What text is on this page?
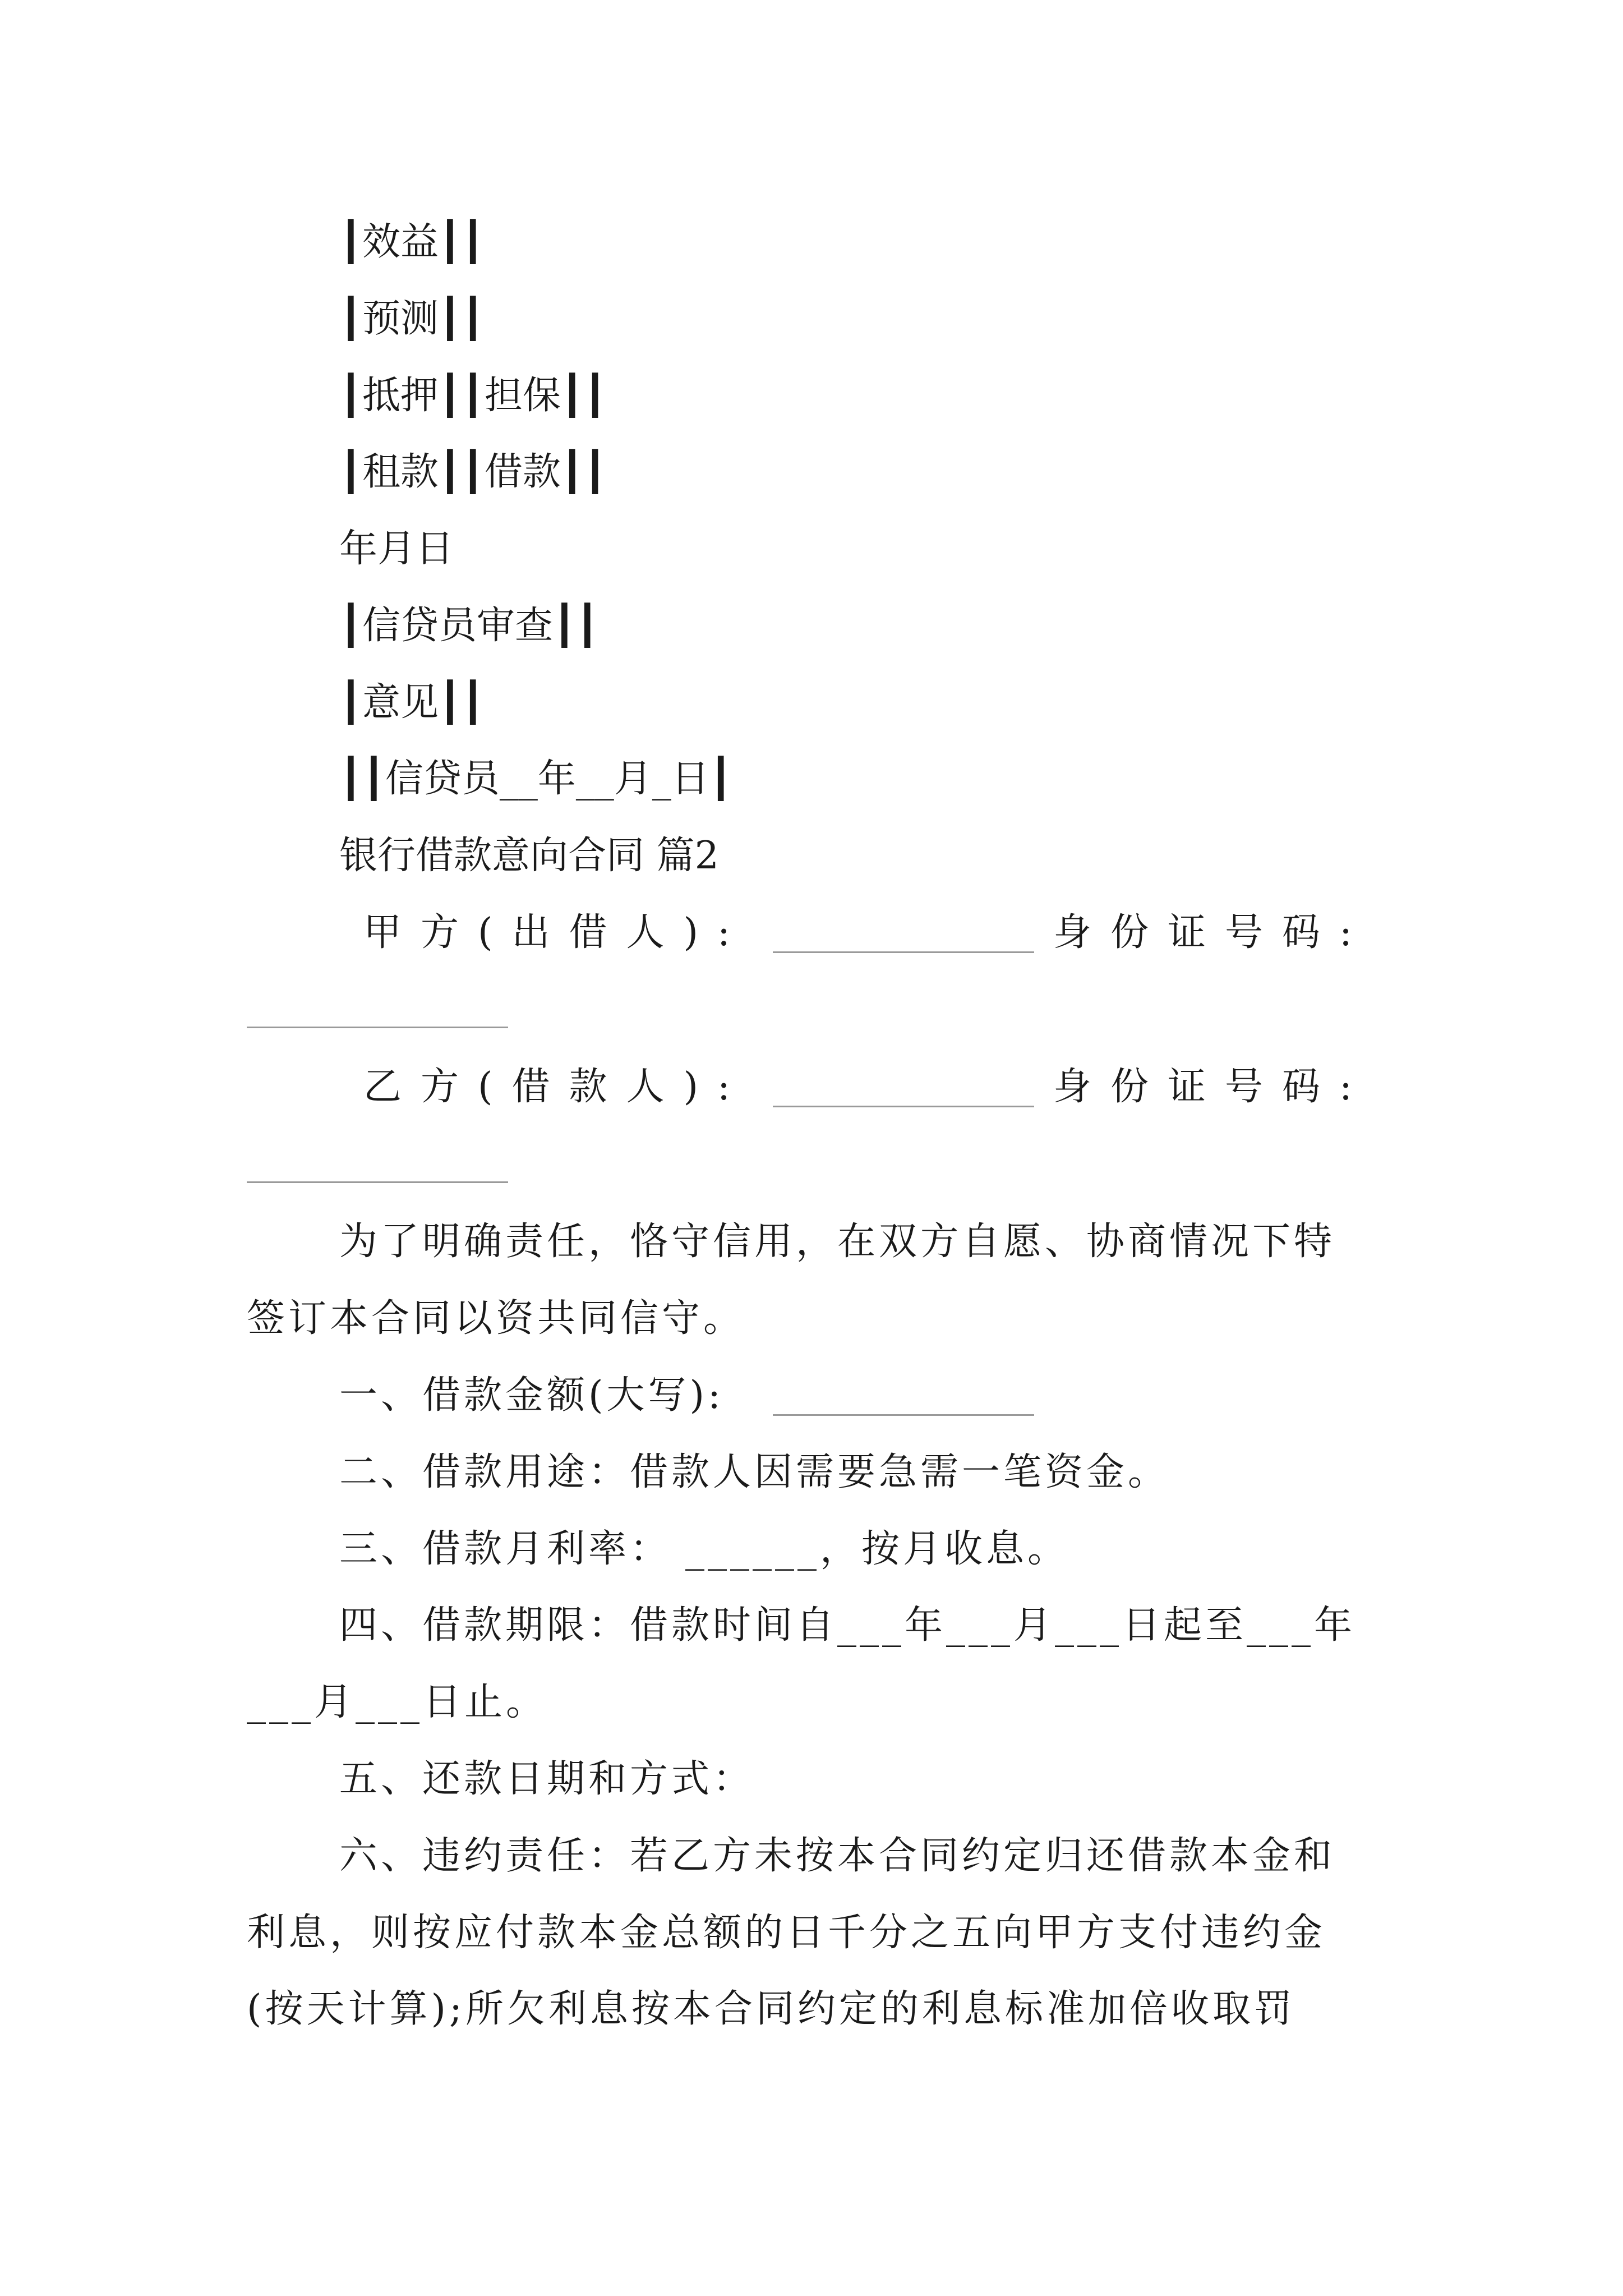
┃效益┃┃
┃预测┃┃
┃抵押┃┃担保┃┃
┃租款┃┃借款┃┃
年月日
┃信贷员审查┃┃
┃意见┃┃
┃┃信贷员__年__月_日┃
银行借款意向合同 篇2
甲方(出借人):	身份证号码:
乙方(借款人):	身份证号码:
为了明确责任，恪守信用，在双方自愿、协商情况下特
签订本合同以资共同信守。
一、借款金额(大写):
二、借款用途：借款人因需要急需一笔资金。
三、借款月利率： ______，按月收息。
四、借款期限：借款时间自___年___月___日起至___年
___月___日止。
五、还款日期和方式：
六、违约责任：若乙方未按本合同约定归还借款本金和
利息，则按应付款本金总额的日千分之五向甲方支付违约金
(按天计算);所欠利息按本合同约定的利息标准加倍收取罚
